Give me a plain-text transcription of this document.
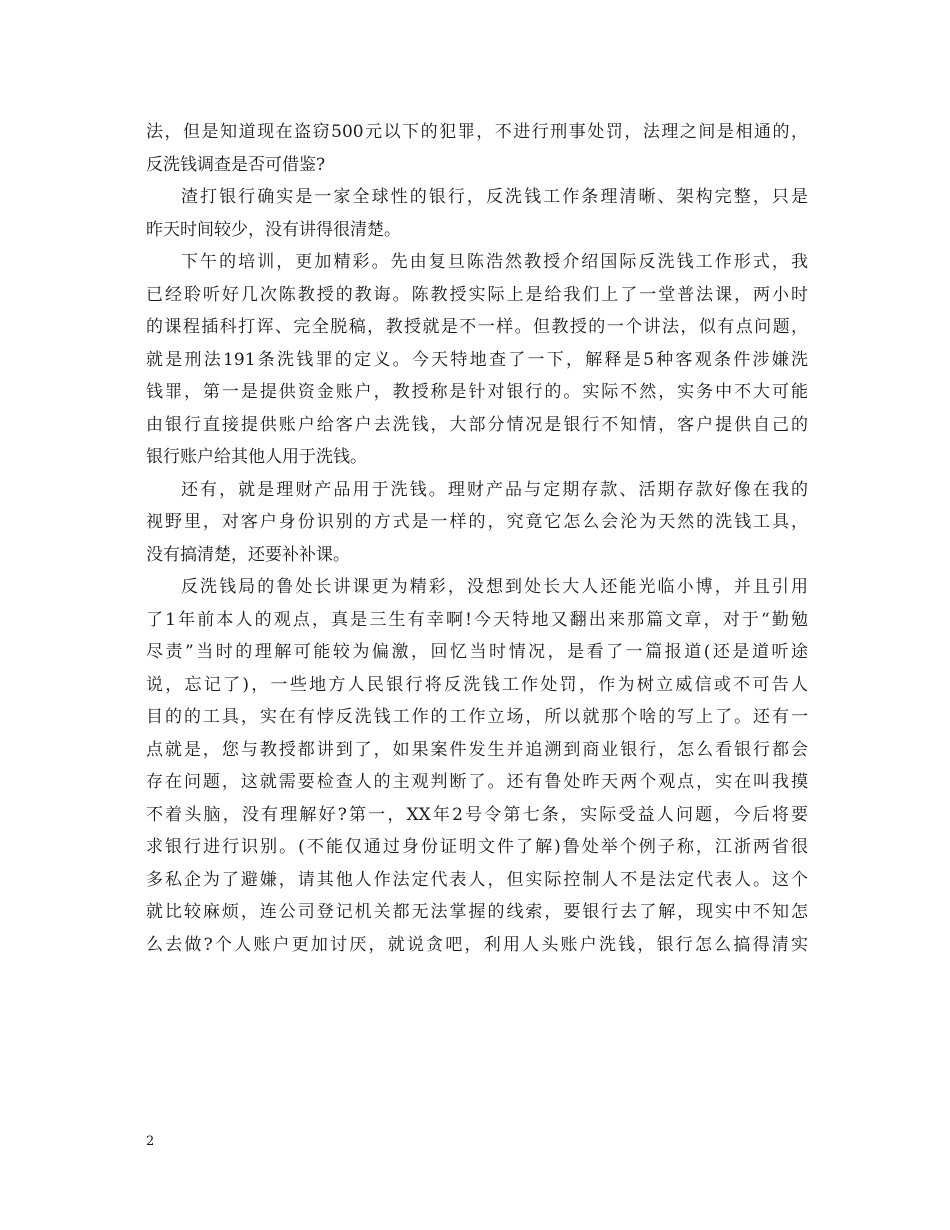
法，但是知道现在盗窃500元以下的犯罪，不进行刑事处罚，法理之间是相通的，
反洗钱调查是否可借鉴?
渣打银行确实是一家全球性的银行，反洗钱工作条理清晰、架构完整，只是
昨天时间较少，没有讲得很清楚。
下午的培训，更加精彩。先由复旦陈浩然教授介绍国际反洗钱工作形式，我
已经聆听好几次陈教授的教诲。陈教授实际上是给我们上了一堂普法课，两小时
的课程插科打诨、完全脱稿，教授就是不一样。但教授的一个讲法，似有点问题，
就是刑法191条洗钱罪的定义。今天特地查了一下，解释是5种客观条件涉嫌洗
钱罪，第一是提供资金账户，教授称是针对银行的。实际不然，实务中不大可能
由银行直接提供账户给客户去洗钱，大部分情况是银行不知情，客户提供自己的
银行账户给其他人用于洗钱。
还有，就是理财产品用于洗钱。理财产品与定期存款、活期存款好像在我的
视野里，对客户身份识别的方式是一样的，究竟它怎么会沦为天然的洗钱工具，
没有搞清楚，还要补补课。
反洗钱局的鲁处长讲课更为精彩，没想到处长大人还能光临小博，并且引用
了1年前本人的观点，真是三生有幸啊!今天特地又翻出来那篇文章，对于“勤勉
尽责”当时的理解可能较为偏激，回忆当时情况，是看了一篇报道(还是道听途
说，忘记了)，一些地方人民银行将反洗钱工作处罚，作为树立威信或不可告人
目的的工具，实在有悖反洗钱工作的工作立场，所以就那个啥的写上了。还有一
点就是，您与教授都讲到了，如果案件发生并追溯到商业银行，怎么看银行都会
存在问题，这就需要检查人的主观判断了。还有鲁处昨天两个观点，实在叫我摸
不着头脑，没有理解好?第一，XX年2号令第七条，实际受益人问题，今后将要
求银行进行识别。(不能仅通过身份证明文件了解)鲁处举个例子称，江浙两省很
多私企为了避嫌，请其他人作法定代表人，但实际控制人不是法定代表人。这个
就比较麻烦，连公司登记机关都无法掌握的线索，要银行去了解，现实中不知怎
么去做?个人账户更加讨厌，就说贪吧，利用人头账户洗钱，银行怎么搞得清实
2
